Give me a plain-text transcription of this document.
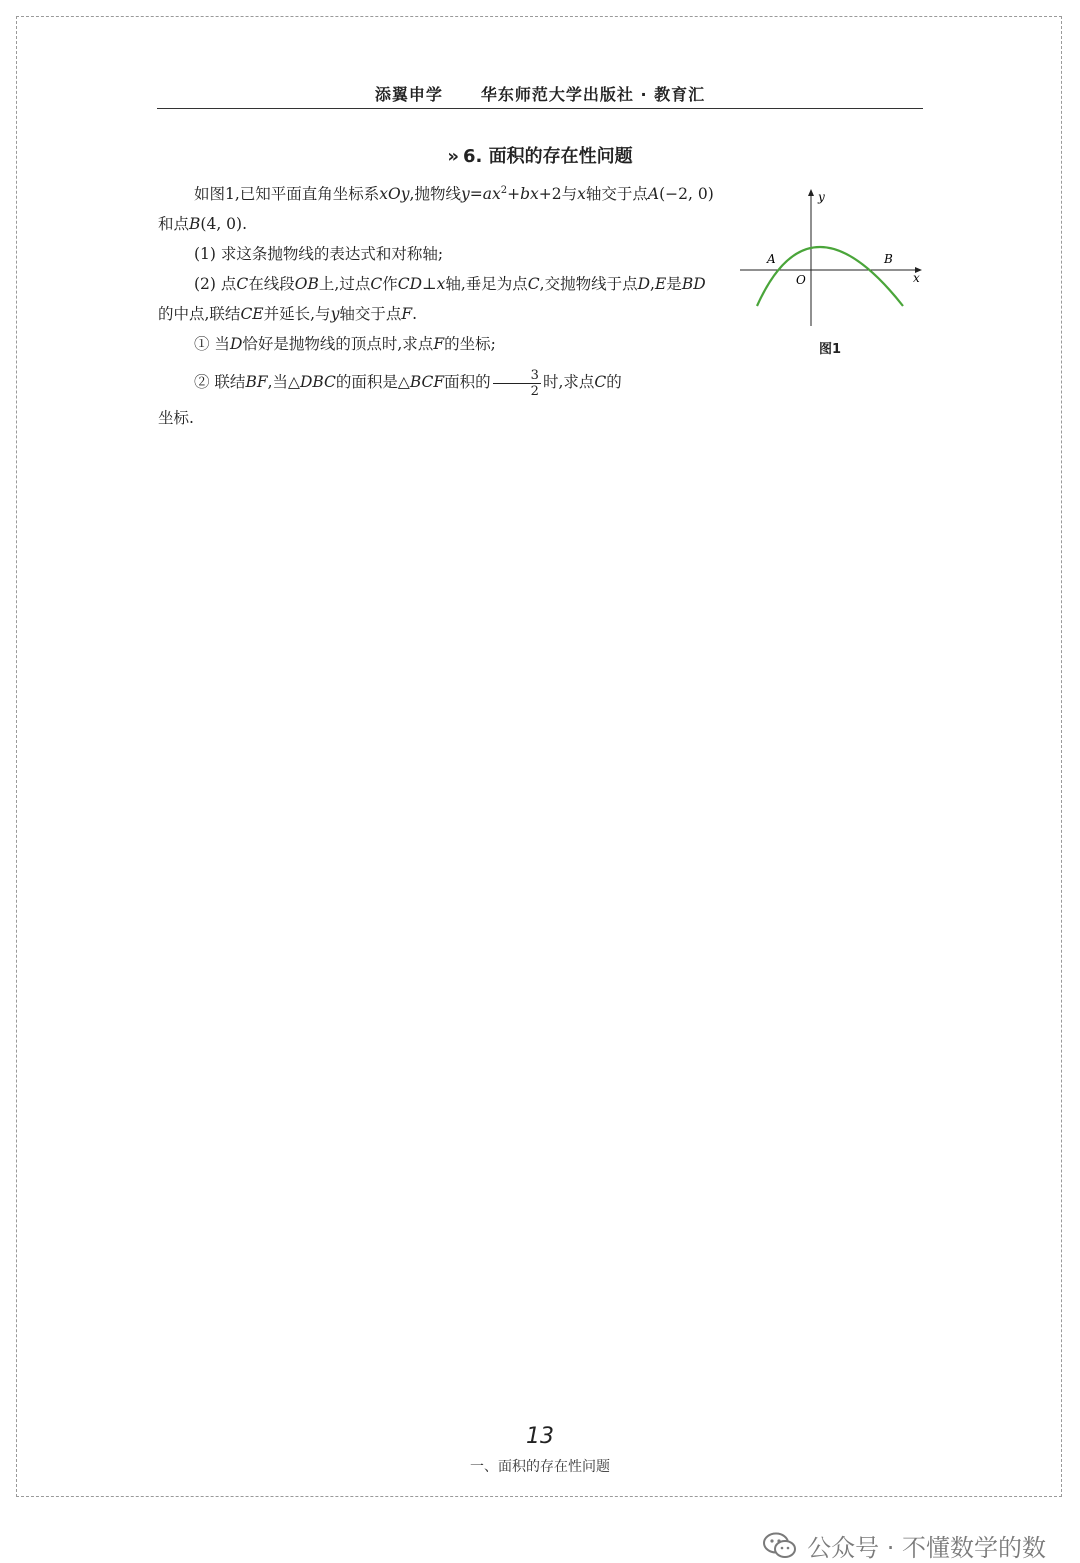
添翼申学 华东师范大学出版社 · 教育汇
» 6. 面积的存在性问题

如图1,已知平面直角坐标系xOy,抛物线$y=ax^2+bx+2$与x轴交于点A(−2, 0)和点B(4, 0).

(1) 求这条抛物线的表达式和对称轴;

(2) 点C在线段OB上,过点C作CD⊥x轴,垂足为点C,交抛物线于点D,E是BD的中点,联结CE并延长,与y轴交于点F.

① 当D恰好是抛物线的顶点时,求点F的坐标;

② 联结BF,当△DBC的面积是△BCF面积的 $\frac{3}{2}$ 时,求点C的

坐标.

y
x
A	B
O
图1
13
一、面积的存在性问题
公众号 · 不懂数学的数
